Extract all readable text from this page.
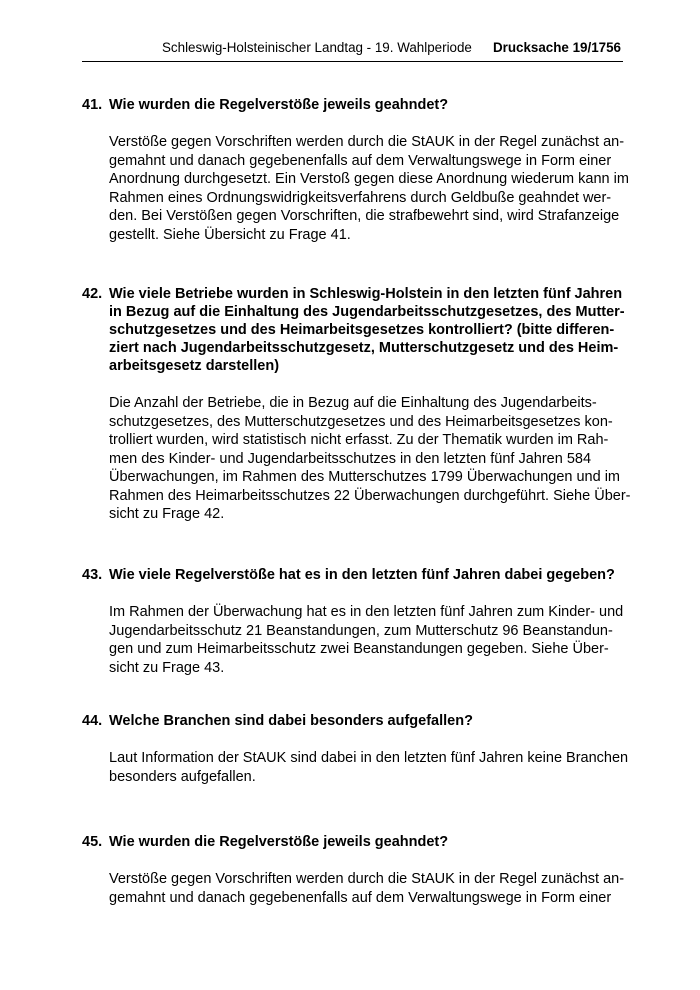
Schleswig-Holsteinischer Landtag - 19. Wahlperiode Drucksache 19/1756
41. Wie wurden die Regelverstöße jeweils geahndet?
Verstöße gegen Vorschriften werden durch die StAUK in der Regel zunächst an-
gemahnt und danach gegebenenfalls auf dem Verwaltungswege in Form einer
Anordnung durchgesetzt. Ein Verstoß gegen diese Anordnung wiederum kann im
Rahmen eines Ordnungswidrigkeitsverfahrens durch Geldbuße geahndet wer-
den. Bei Verstößen gegen Vorschriften, die strafbewehrt sind, wird Strafanzeige
gestellt. Siehe Übersicht zu Frage 41.
42. Wie viele Betriebe wurden in Schleswig-Holstein in den letzten fünf Jahren
in Bezug auf die Einhaltung des Jugendarbeitsschutzgesetzes, des Mutter-
schutzgesetzes und des Heimarbeitsgesetzes kontrolliert? (bitte differen-
ziert nach Jugendarbeitsschutzgesetz, Mutterschutzgesetz und des Heim-
arbeitsgesetz darstellen)
Die Anzahl der Betriebe, die in Bezug auf die Einhaltung des Jugendarbeits-
schutzgesetzes, des Mutterschutzgesetzes und des Heimarbeitsgesetzes kon-
trolliert wurden, wird statistisch nicht erfasst. Zu der Thematik wurden im Rah-
men des Kinder- und Jugendarbeitsschutzes in den letzten fünf Jahren 584
Überwachungen, im Rahmen des Mutterschutzes 1799 Überwachungen und im
Rahmen des Heimarbeitsschutzes 22 Überwachungen durchgeführt. Siehe Über-
sicht zu Frage 42.
43. Wie viele Regelverstöße hat es in den letzten fünf Jahren dabei gegeben?
Im Rahmen der Überwachung hat es in den letzten fünf Jahren zum Kinder- und
Jugendarbeitsschutz 21 Beanstandungen, zum Mutterschutz 96 Beanstandun-
gen und zum Heimarbeitsschutz zwei Beanstandungen gegeben. Siehe Über-
sicht zu Frage 43.
44. Welche Branchen sind dabei besonders aufgefallen?
Laut Information der StAUK sind dabei in den letzten fünf Jahren keine Branchen
besonders aufgefallen.
45. Wie wurden die Regelverstöße jeweils geahndet?
Verstöße gegen Vorschriften werden durch die StAUK in der Regel zunächst an-
gemahnt und danach gegebenenfalls auf dem Verwaltungswege in Form einer
